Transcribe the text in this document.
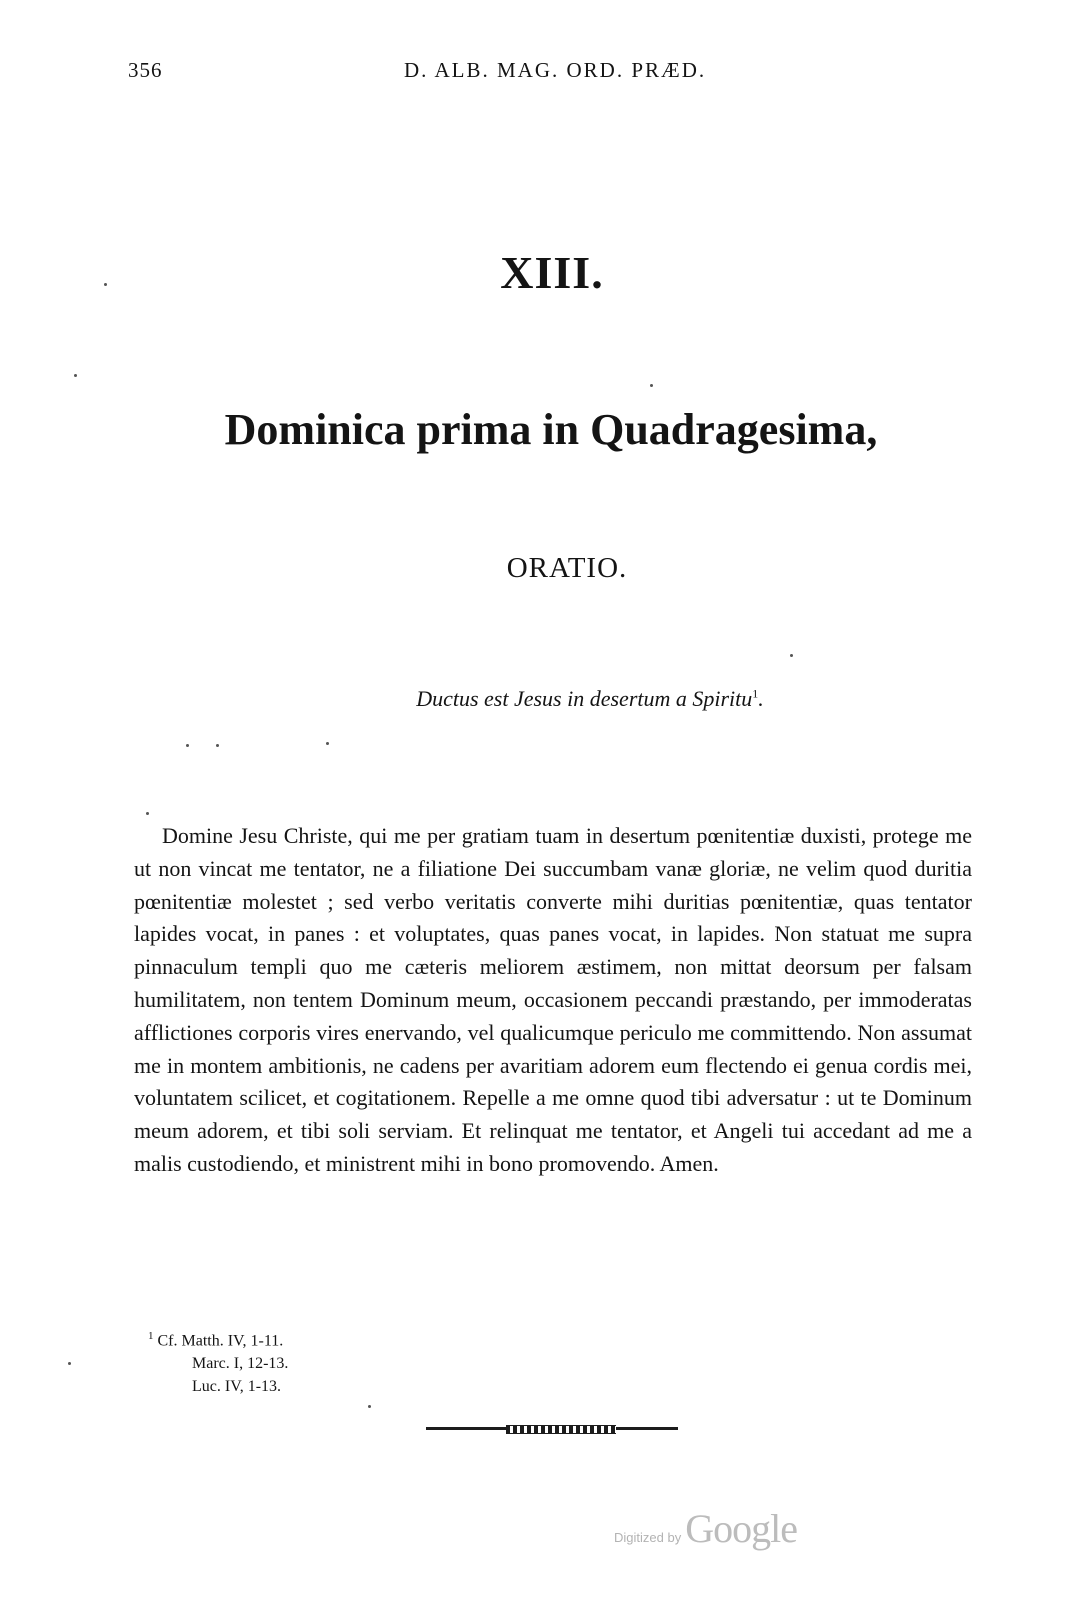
356	D. ALB. MAG. ORD. PRÆD.
XIII.
Dominica prima in Quadragesima,
ORATIO.
Ductus est Jesus in desertum a Spiritu$^1$.

Domine Jesu Christe, qui me per gratiam tuam in desertum pœnitentiæ duxisti, protege me ut non vincat me tentator, ne a filiatione Dei succumbam vanæ gloriæ, ne velim quod duritia pœnitentiæ molestet ; sed verbo veritatis converte mihi duritias pœnitentiæ, quas tentator lapides vocat, in panes : et voluptates, quas panes vocat, in lapides. Non statuat me supra pinnaculum templi quo me cæteris meliorem æstimem, non mittat deorsum per falsam humilitatem, non tentem Dominum meum, occasionem peccandi præstando, per immoderatas afflictiones corporis vires enervando, vel qualicumque periculo me committendo. Non assumat me in montem ambitionis, ne cadens per avaritiam adorem eum flectendo ei genua cordis mei, voluntatem scilicet, et cogitationem. Repelle a me omne quod tibi adversatur : ut te Dominum meum adorem, et tibi soli serviam. Et relinquat me tentator, et Angeli tui accedant ad me a malis custodiendo, et ministrent mihi in bono promovendo. Amen.

$^1$ Cf. Matth. IV, 1-11.
Marc. I, 12-13.
Luc. IV, 1-13.
Digitized by Google
